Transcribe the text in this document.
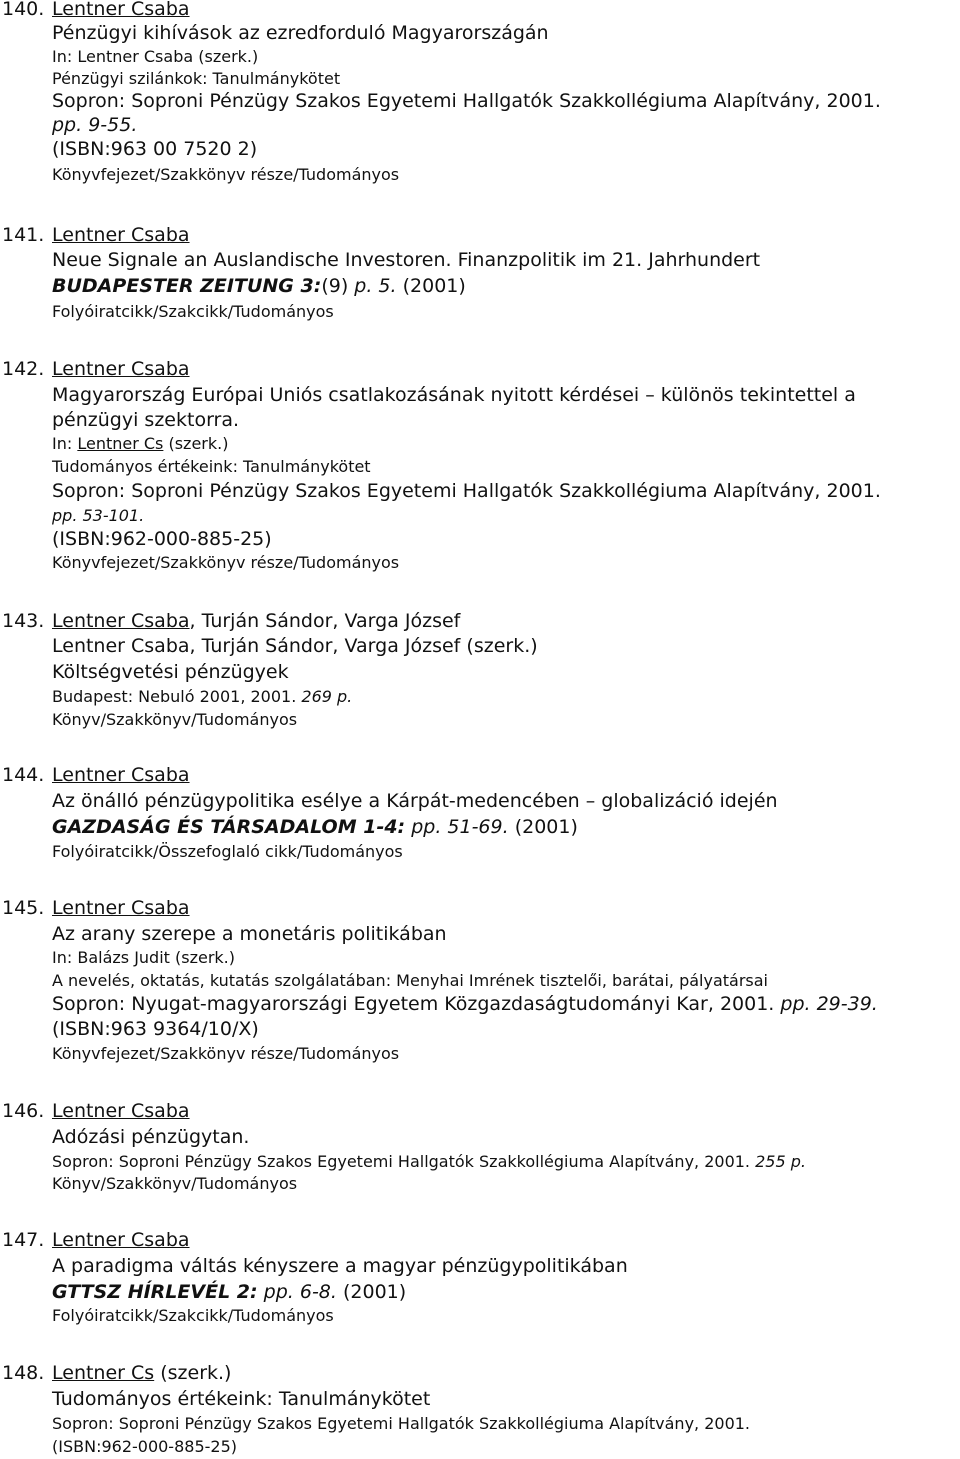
140. Lentner Csaba
Pénzügyi kihívások az ezredforduló Magyarországán
In: Lentner Csaba (szerk.)
Pénzügyi szilánkok: Tanulmánykötet
Sopron: Soproni Pénzügy Szakos Egyetemi Hallgatók Szakkollégiuma Alapítvány, 2001.
pp. 9-55.
(ISBN:963 00 7520 2)
Könyvfejezet/Szakkönyv része/Tudományos
141. Lentner Csaba
Neue Signale an Auslandische Investoren. Finanzpolitik im 21. Jahrhundert
BUDAPESTER ZEITUNG 3:(9) p. 5. (2001)
Folyóiratcikk/Szakcikk/Tudományos
142. Lentner Csaba
Magyarország Európai Uniós csatlakozásának nyitott kérdései – különös tekintettel a
pénzügyi szektorra.
In: Lentner Cs (szerk.)
Tudományos értékeink: Tanulmánykötet
Sopron: Soproni Pénzügy Szakos Egyetemi Hallgatók Szakkollégiuma Alapítvány, 2001.
pp. 53-101.
(ISBN:962-000-885-25)
Könyvfejezet/Szakkönyv része/Tudományos
143. Lentner Csaba, Turján Sándor, Varga József
Lentner Csaba, Turján Sándor, Varga József (szerk.)
Költségvetési pénzügyek
Budapest: Nebuló 2001, 2001. 269 p.
Könyv/Szakkönyv/Tudományos
144. Lentner Csaba
Az önálló pénzügypolitika esélye a Kárpát-medencében – globalizáció idején
GAZDASÁG ÉS TÁRSADALOM 1-4: pp. 51-69. (2001)
Folyóiratcikk/Összefoglaló cikk/Tudományos
145. Lentner Csaba
Az arany szerepe a monetáris politikában
In: Balázs Judit (szerk.)
A nevelés, oktatás, kutatás szolgálatában: Menyhai Imrének tisztelői, barátai, pályatársai
Sopron: Nyugat-magyarországi Egyetem Közgazdaságtudományi Kar, 2001. pp. 29-39.
(ISBN:963 9364/10/X)
Könyvfejezet/Szakkönyv része/Tudományos
146. Lentner Csaba
Adózási pénzügytan.
Sopron: Soproni Pénzügy Szakos Egyetemi Hallgatók Szakkollégiuma Alapítvány, 2001. 255 p.
Könyv/Szakkönyv/Tudományos
147. Lentner Csaba
A paradigma váltás kényszere a magyar pénzügypolitikában
GTTSZ HÍRLEVÉL 2: pp. 6-8. (2001)
Folyóiratcikk/Szakcikk/Tudományos
148. Lentner Cs (szerk.)
Tudományos értékeink: Tanulmánykötet
Sopron: Soproni Pénzügy Szakos Egyetemi Hallgatók Szakkollégiuma Alapítvány, 2001.
(ISBN:962-000-885-25)
